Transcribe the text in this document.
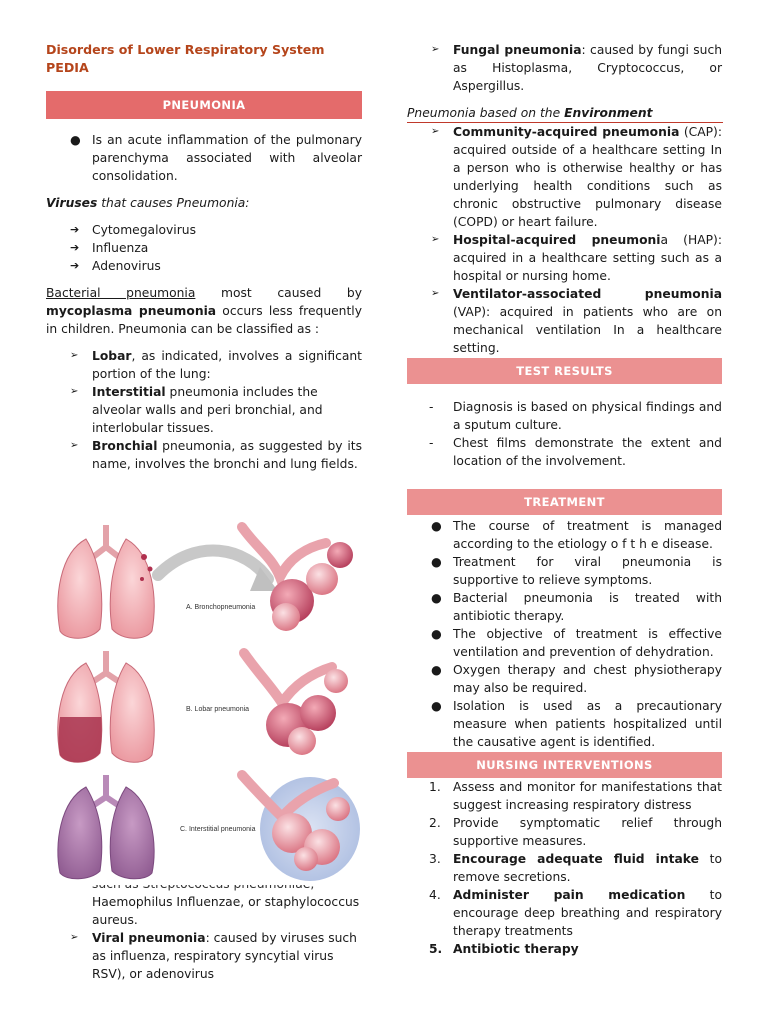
Disorders of Lower Respiratory System
PEDIA
PNEUMONIA
● Is an acute inflammation of the pulmonary parenchyma associated with alveolar consolidation.
Viruses that causes Pneumonia:
➔ Cytomegalovirus
➔ Influenza
➔ Adenovirus

Bacterial pneumonia most caused by mycoplasma pneumonia occurs less frequently in children. Pneumonia can be classified as :

➢ Lobar, as indicated, involves a significant portion of the lung:
➢ Interstitial pneumonia includes the alveolar walls and peri bronchial, and interlobular tissues.
➢ Bronchial pneumonia, as suggested by its name, involves the bronchi and lung fields.
Haemophilus Influenzae, or staphylococcus aureus.
➢ Viral pneumonia: caused by viruses such as influenza, respiratory syncytial virus RSV), or adenovirus
A. Bronchopneumonia
B. Lobar pneumonia
C. Interstitial pneumonia
➢ Fungal pneumonia: caused by fungi such as Histoplasma, Cryptococcus, or Aspergillus.
Pneumonia based on the Environment
➢ Community-acquired pneumonia (CAP): acquired outside of a healthcare setting In a person who is otherwise healthy or has underlying health conditions such as chronic obstructive pulmonary disease (COPD) or heart failure.
➢ Hospital-acquired pneumonia (HAP): acquired in a healthcare setting such as a hospital or nursing home.
➢ Ventilator-associated pneumonia (VAP): acquired in patients who are on mechanical ventilation In a healthcare setting.
TEST RESULTS
- Diagnosis is based on physical findings and a sputum culture.
- Chest films demonstrate the extent and location of the involvement.
TREATMENT
● The course of treatment is managed according to the etiology o f t h e disease.
● Treatment for viral pneumonia is supportive to relieve symptoms.
● Bacterial pneumonia is treated with antibiotic therapy.
● The objective of treatment is effective ventilation and prevention of dehydration.
● Oxygen therapy and chest physiotherapy may also be required.
● Isolation is used as a precautionary measure when patients hospitalized until the causative agent is identified.
NURSING INTERVENTIONS
1. Assess and monitor for manifestations that suggest increasing respiratory distress
2. Provide symptomatic relief through supportive measures.
3. Encourage adequate fluid intake to remove secretions.
4. Administer pain medication to encourage deep breathing and respiratory therapy treatments
5. Antibiotic therapy
